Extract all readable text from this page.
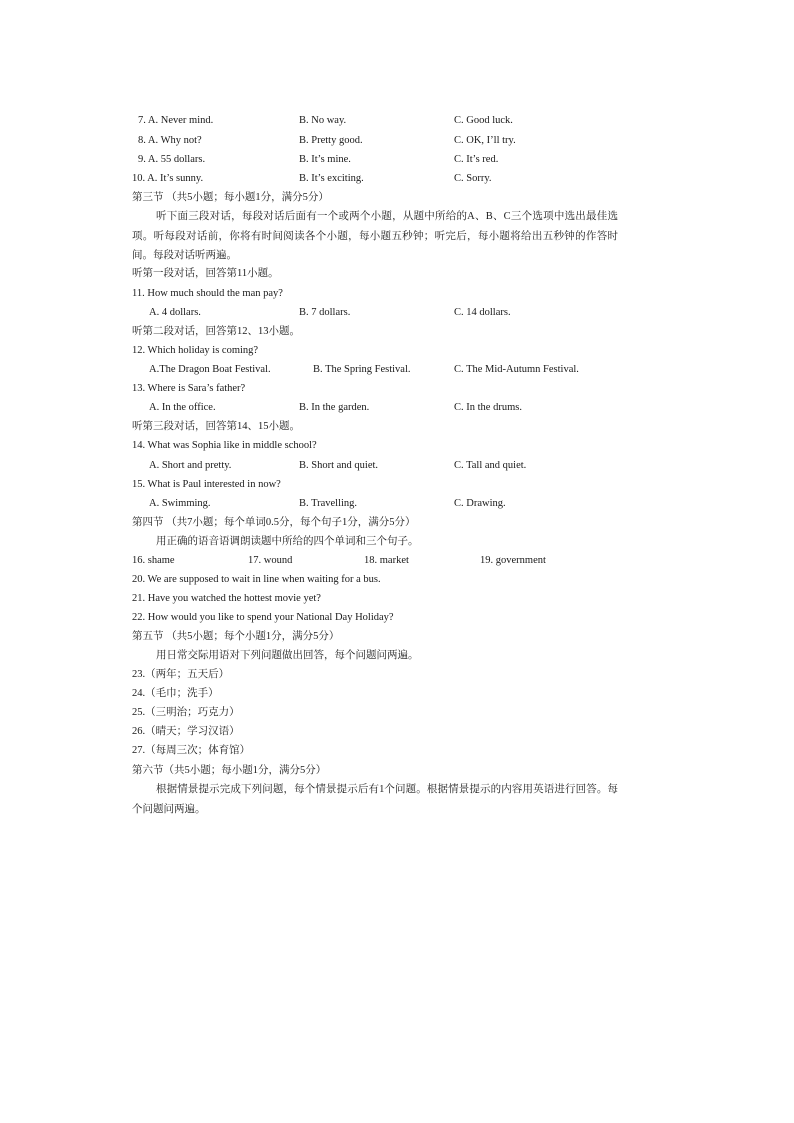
7. A. Never mind.	B. No way.	C. Good luck.
8. A. Why not?	B. Pretty good.	C. OK, I’ll try.
9. A. 55 dollars.	B. It’s mine.	C. It’s red.
10. A. It’s sunny.	B. It’s exciting.	C. Sorry.
第三节 （共5小题；每小题1分，满分5分）
听下面三段对话，每段对话后面有一个或两个小题，从题中所给的A、B、C三个选项中选出最佳选项。听每段对话前，你将有时间阅读各个小题，每小题五秒钟；听完后，每小题将给出五秒钟的作答时间。每段对话听两遍。
听第一段对话，回答第11小题。
11. How much should the man pay?
A. 4 dollars.	B. 7 dollars.	C. 14 dollars.
听第二段对话，回答第12、13小题。
12. Which holiday is coming?
A.The Dragon Boat Festival.	B. The Spring Festival.	C. The Mid-Autumn Festival.
13. Where is Sara’s father?
A. In the office.	B. In the garden.	C. In the drums.
听第三段对话，回答第14、15小题。
14. What was Sophia like in middle school?
A. Short and pretty.	B. Short and quiet.	C. Tall and quiet.
15. What is Paul interested in now?
A. Swimming.	B. Travelling.	C. Drawing.
第四节 （共7小题；每个单词0.5分，每个句子1分，满分5分）
用正确的语音语调朗读题中所给的四个单词和三个句子。
16. shame	17. wound	18. market	19. government
20. We are supposed to wait in line when waiting for a bus.
21. Have you watched the hottest movie yet?
22. How would you like to spend your National Day Holiday?
第五节 （共5小题；每个小题1分，满分5分）
用日常交际用语对下列问题做出回答，每个问题问两遍。
23.（两年；五天后）
24.（毛巾；洗手）
25.（三明治；巧克力）
26.（晴天；学习汉语）
27.（每周三次；体育馆）
第六节（共5小题；每小题1分，满分5分）
根据情景提示完成下列问题，每个情景提示后有1个问题。根据情景提示的内容用英语进行回答。每个问题问两遍。
